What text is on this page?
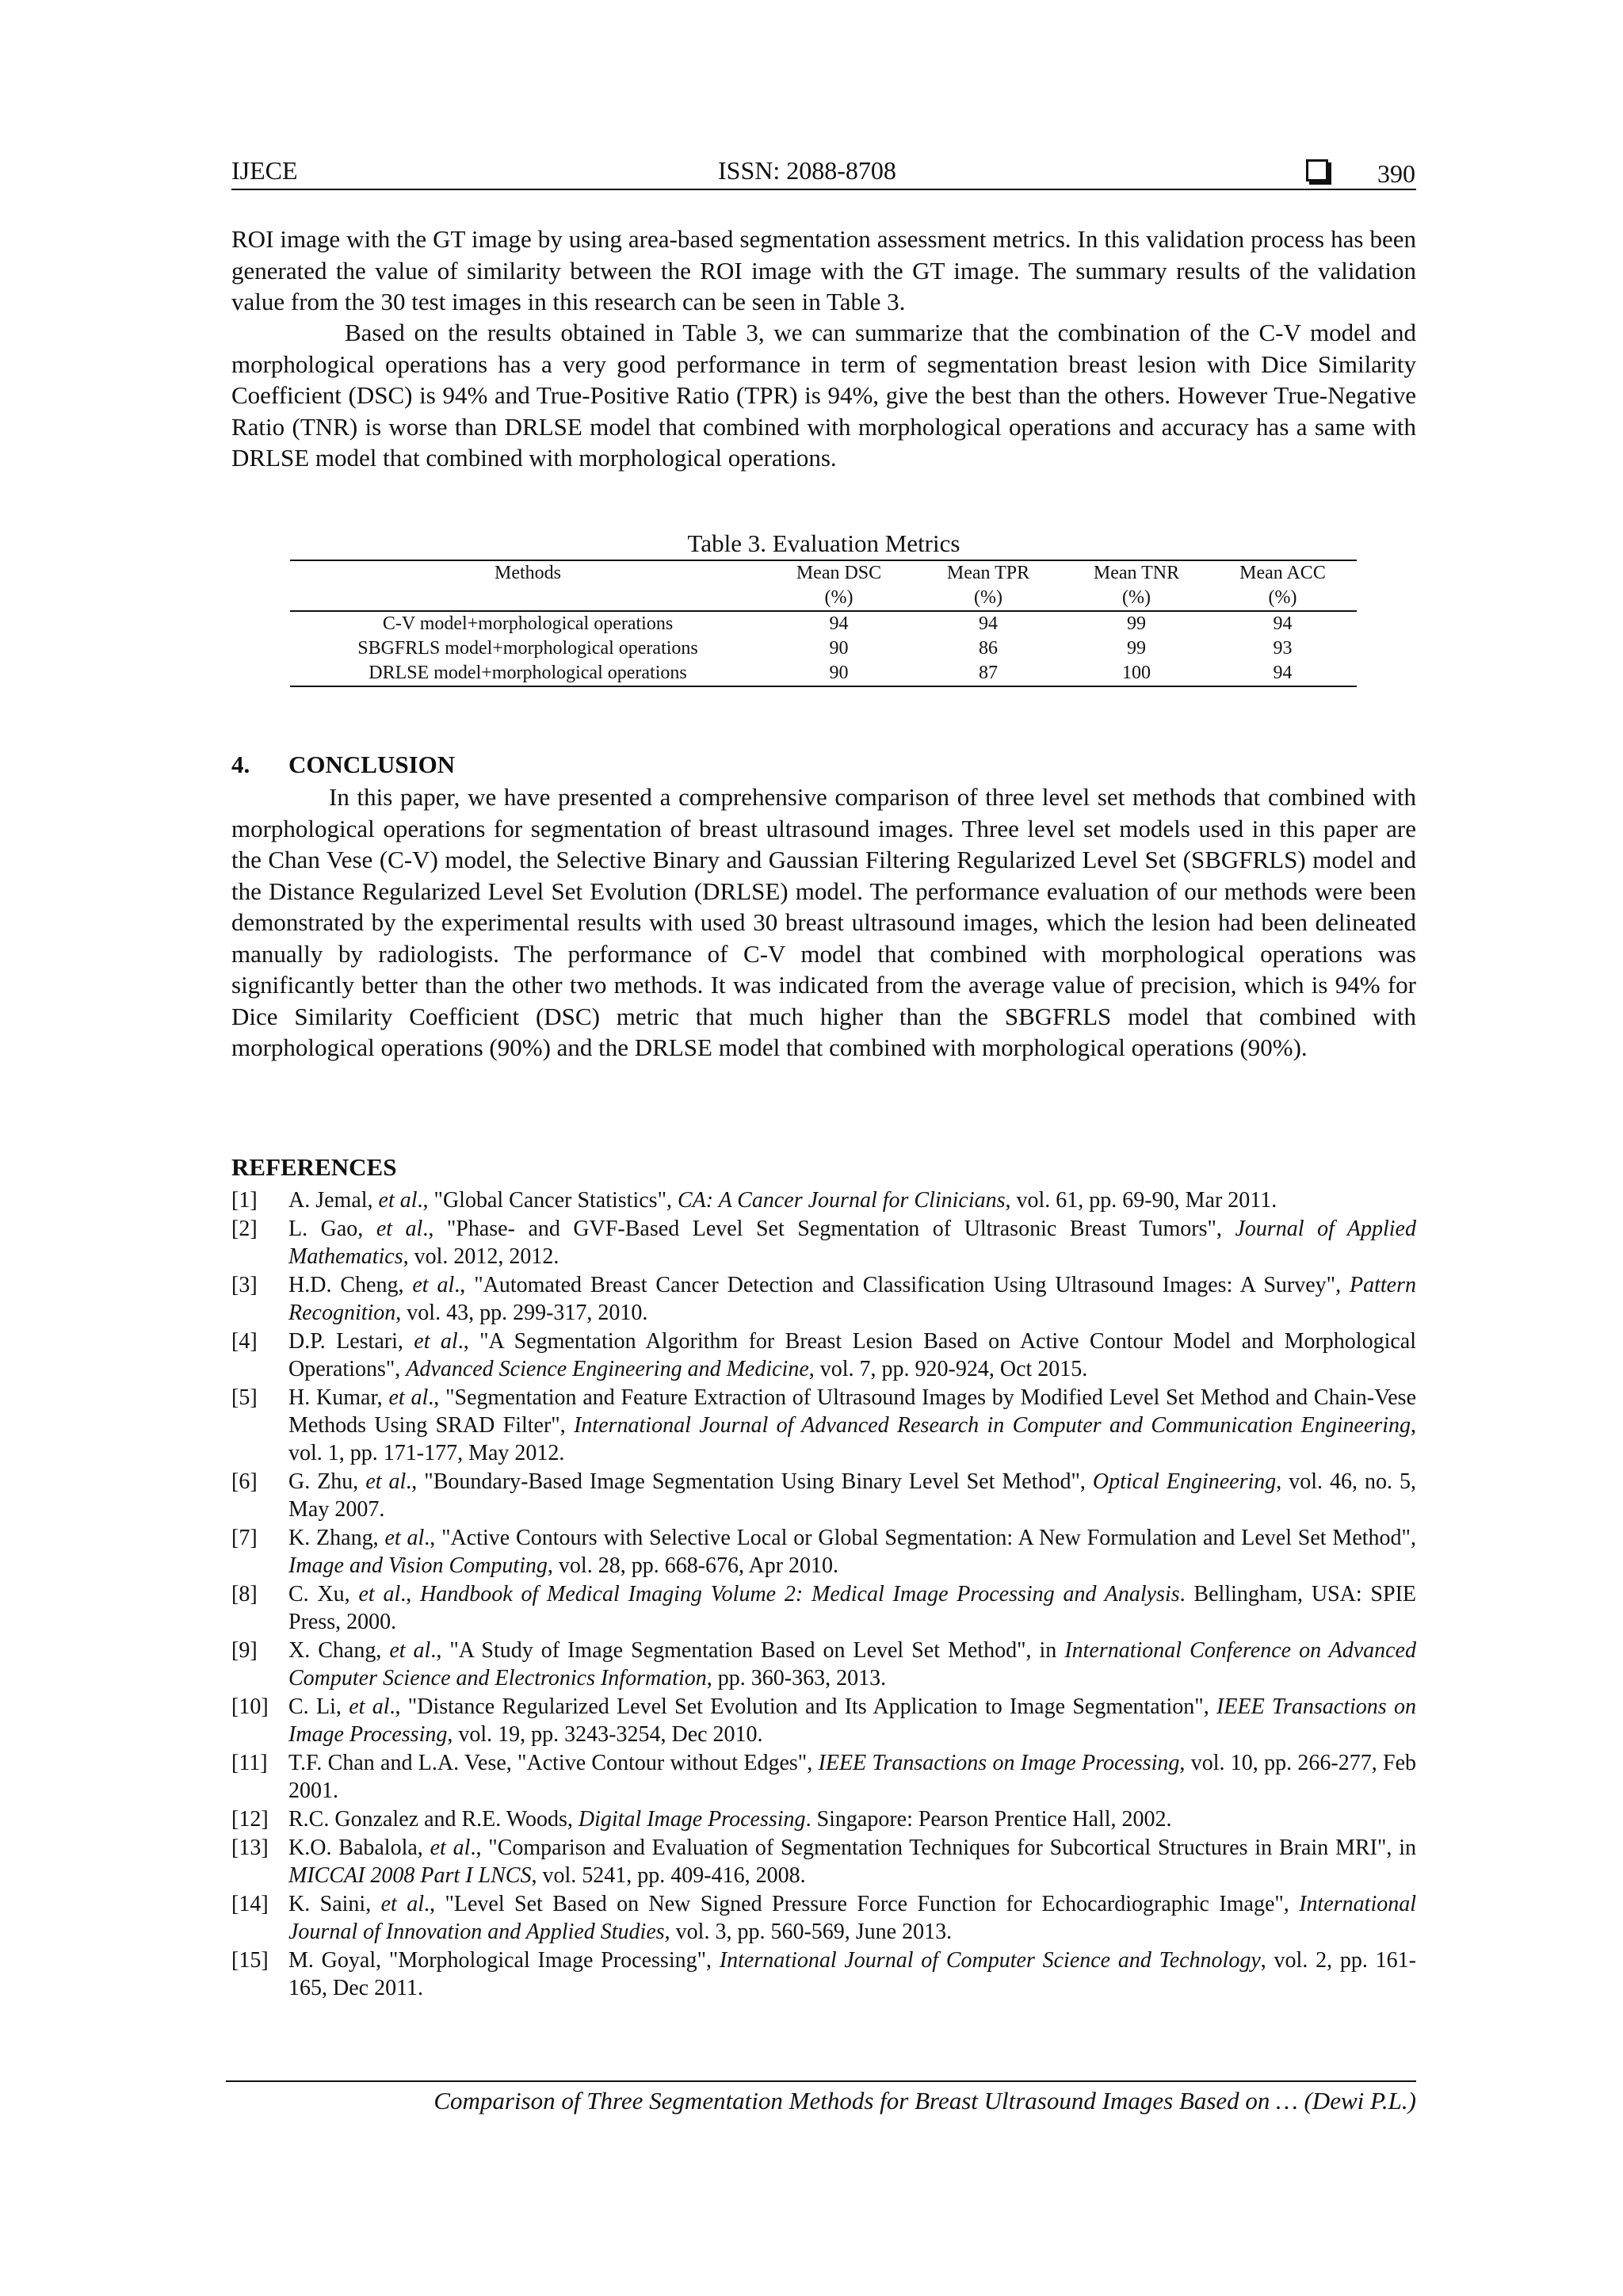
IJECE	ISSN: 2088-8708	390

ROI image with the GT image by using area-based segmentation assessment metrics. In this validation process has been generated the value of similarity between the ROI image with the GT image. The summary results of the validation value from the 30 test images in this research can be seen in Table 3.

Based on the results obtained in Table 3, we can summarize that the combination of the C-V model and morphological operations has a very good performance in term of segmentation breast lesion with Dice Similarity Coefficient (DSC) is 94% and True-Positive Ratio (TPR) is 94%, give the best than the others. However True-Negative Ratio (TNR) is worse than DRLSE model that combined with morphological operations and accuracy has a same with DRLSE model that combined with morphological operations.

Table 3. Evaluation Metrics
Methods	Mean DSC	Mean TPR	Mean TNR	Mean ACC
	(%)	(%)	(%)	(%)
C-V model+morphological operations	94	94	99	94
SBGFRLS model+morphological operations	90	86	99	93
DRLSE model+morphological operations	90	87	100	94
4. CONCLUSION

In this paper, we have presented a comprehensive comparison of three level set methods that combined with morphological operations for segmentation of breast ultrasound images. Three level set models used in this paper are the Chan Vese (C-V) model, the Selective Binary and Gaussian Filtering Regularized Level Set (SBGFRLS) model and the Distance Regularized Level Set Evolution (DRLSE) model. The performance evaluation of our methods were been demonstrated by the experimental results with used 30 breast ultrasound images, which the lesion had been delineated manually by radiologists. The performance of C-V model that combined with morphological operations was significantly better than the other two methods. It was indicated from the average value of precision, which is 94% for Dice Similarity Coefficient (DSC) metric that much higher than the SBGFRLS model that combined with morphological operations (90%) and the DRLSE model that combined with morphological operations (90%).

REFERENCES
[1] A. Jemal, et al., "Global Cancer Statistics", CA: A Cancer Journal for Clinicians, vol. 61, pp. 69-90, Mar 2011.
[2] L. Gao, et al., "Phase- and GVF-Based Level Set Segmentation of Ultrasonic Breast Tumors", Journal of Applied Mathematics, vol. 2012, 2012.
[3] H.D. Cheng, et al., "Automated Breast Cancer Detection and Classification Using Ultrasound Images: A Survey", Pattern Recognition, vol. 43, pp. 299-317, 2010.
[4] D.P. Lestari, et al., "A Segmentation Algorithm for Breast Lesion Based on Active Contour Model and Morphological Operations", Advanced Science Engineering and Medicine, vol. 7, pp. 920-924, Oct 2015.
[5] H. Kumar, et al., "Segmentation and Feature Extraction of Ultrasound Images by Modified Level Set Method and Chain-Vese Methods Using SRAD Filter", International Journal of Advanced Research in Computer and Communication Engineering, vol. 1, pp. 171-177, May 2012.
[6] G. Zhu, et al., "Boundary-Based Image Segmentation Using Binary Level Set Method", Optical Engineering, vol. 46, no. 5, May 2007.
[7] K. Zhang, et al., "Active Contours with Selective Local or Global Segmentation: A New Formulation and Level Set Method", Image and Vision Computing, vol. 28, pp. 668-676, Apr 2010.
[8] C. Xu, et al., Handbook of Medical Imaging Volume 2: Medical Image Processing and Analysis. Bellingham, USA: SPIE Press, 2000.
[9] X. Chang, et al., "A Study of Image Segmentation Based on Level Set Method", in International Conference on Advanced Computer Science and Electronics Information, pp. 360-363, 2013.
[10] C. Li, et al., "Distance Regularized Level Set Evolution and Its Application to Image Segmentation", IEEE Transactions on Image Processing, vol. 19, pp. 3243-3254, Dec 2010.
[11] T.F. Chan and L.A. Vese, "Active Contour without Edges", IEEE Transactions on Image Processing, vol. 10, pp. 266-277, Feb 2001.
[12] R.C. Gonzalez and R.E. Woods, Digital Image Processing. Singapore: Pearson Prentice Hall, 2002.
[13] K.O. Babalola, et al., "Comparison and Evaluation of Segmentation Techniques for Subcortical Structures in Brain MRI", in MICCAI 2008 Part I LNCS, vol. 5241, pp. 409-416, 2008.
[14] K. Saini, et al., "Level Set Based on New Signed Pressure Force Function for Echocardiographic Image", International Journal of Innovation and Applied Studies, vol. 3, pp. 560-569, June 2013.
[15] M. Goyal, "Morphological Image Processing", International Journal of Computer Science and Technology, vol. 2, pp. 161-165, Dec 2011.
Comparison of Three Segmentation Methods for Breast Ultrasound Images Based on … (Dewi P.L.)
